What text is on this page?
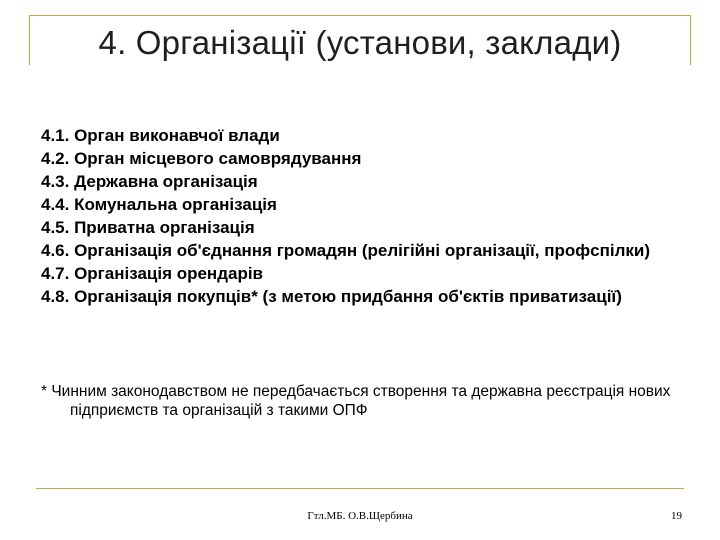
4. Організації (установи, заклади)
4.1. Орган виконавчої влади
4.2. Орган місцевого самоврядування
4.3. Державна організація
4.4. Комунальна організація
4.5. Приватна організація
4.6. Організація об'єднання громадян (релігійні організації, профспілки)
4.7. Організація орендарів
4.8. Організація покупців* (з метою придбання об'єктів приватизації)
* Чинним законодавством не передбачається створення та державна реєстрація нових підприємств та організацій з такими ОПФ
Гтл.МБ. О.В.Щербина	19
